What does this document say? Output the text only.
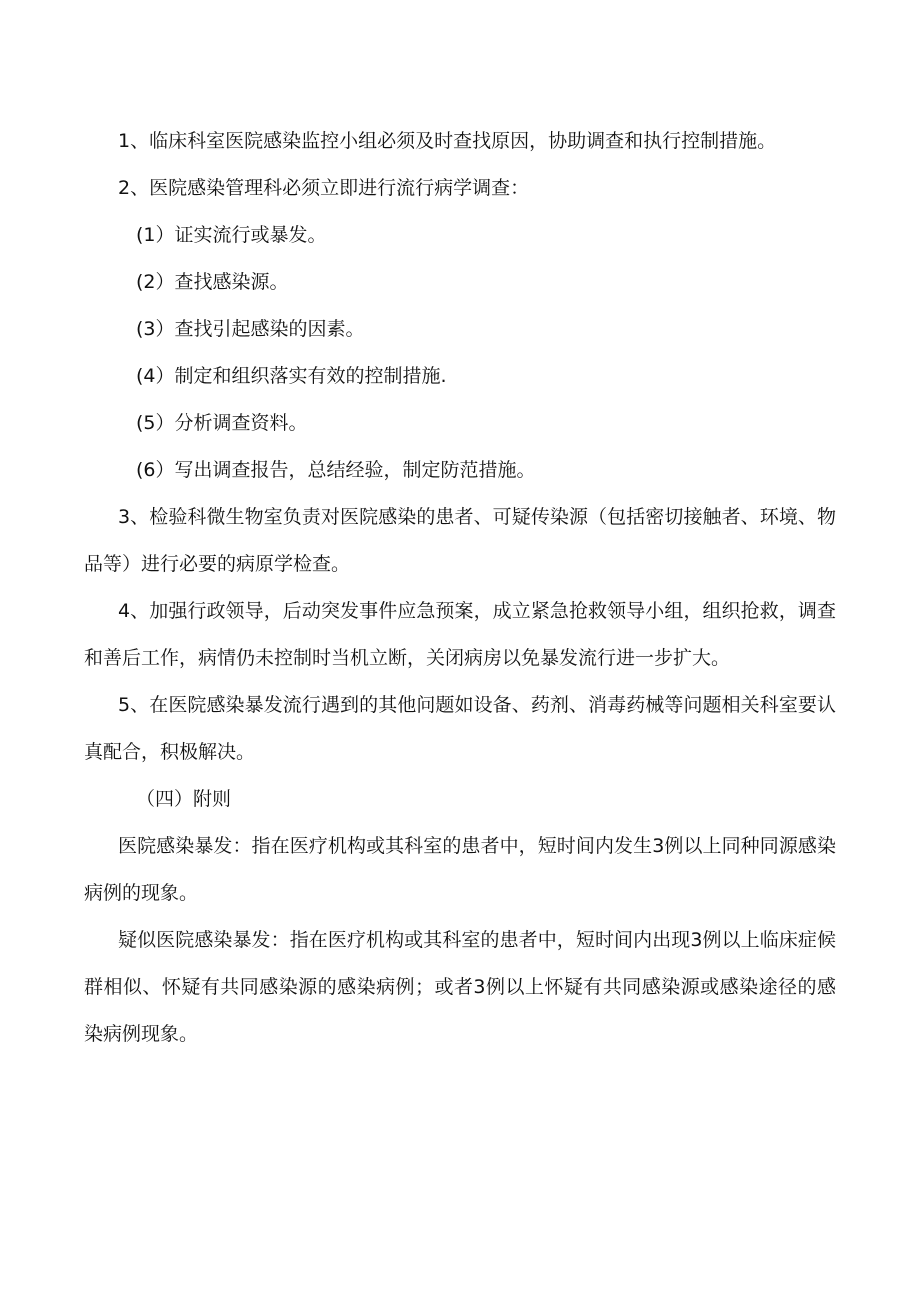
1、临床科室医院感染监控小组必须及时查找原因，协助调查和执行控制措施。

2、医院感染管理科必须立即进行流行病学调查：

(1）证实流行或暴发。

(2）查找感染源。

(3）查找引起感染的因素。

(4）制定和组织落实有效的控制措施.

(5）分析调查资料。

(6）写出调查报告，总结经验，制定防范措施。

3、检验科微生物室负责对医院感染的患者、可疑传染源（包括密切接触者、环境、物品等）进行必要的病原学检查。

4、加强行政领导，后动突发事件应急预案，成立紧急抢救领导小组，组织抢救，调查和善后工作，病情仍未控制时当机立断，关闭病房以免暴发流行进一步扩大。

5、在医院感染暴发流行遇到的其他问题如设备、药剂、消毒药械等问题相关科室要认真配合，积极解决。

（四）附则

医院感染暴发：指在医疗机构或其科室的患者中，短时间内发生3例以上同种同源感染病例的现象。

疑似医院感染暴发：指在医疗机构或其科室的患者中，短时间内出现3例以上临床症候群相似、怀疑有共同感染源的感染病例；或者3例以上怀疑有共同感染源或感染途径的感染病例现象。
